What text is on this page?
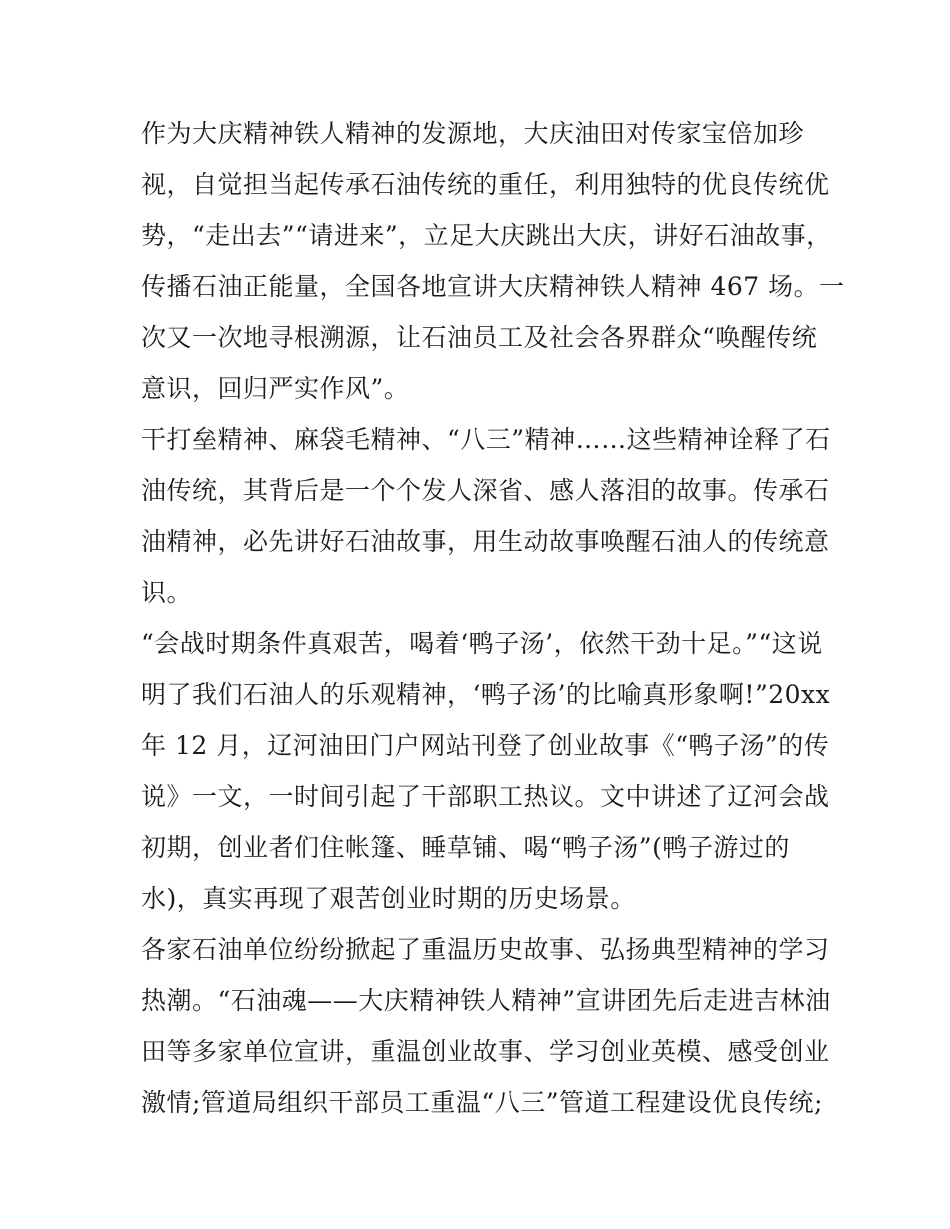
作为大庆精神铁人精神的发源地，大庆油田对传家宝倍加珍
视，自觉担当起传承石油传统的重任，利用独特的优良传统优
势，“走出去”“请进来”，立足大庆跳出大庆，讲好石油故事，
传播石油正能量，全国各地宣讲大庆精神铁人精神 467 场。一
次又一次地寻根溯源，让石油员工及社会各界群众“唤醒传统
意识，回归严实作风”。
干打垒精神、麻袋毛精神、“八三”精神……这些精神诠释了石
油传统，其背后是一个个发人深省、感人落泪的故事。传承石
油精神，必先讲好石油故事，用生动故事唤醒石油人的传统意
识。
“会战时期条件真艰苦，喝着‘鸭子汤’，依然干劲十足。”“这说
明了我们石油人的乐观精神，‘鸭子汤’的比喻真形象啊!”20xx
年 12 月，辽河油田门户网站刊登了创业故事《“鸭子汤”的传
说》一文，一时间引起了干部职工热议。文中讲述了辽河会战
初期，创业者们住帐篷、睡草铺、喝“鸭子汤”(鸭子游过的
水)，真实再现了艰苦创业时期的历史场景。
各家石油单位纷纷掀起了重温历史故事、弘扬典型精神的学习
热潮。“石油魂——大庆精神铁人精神”宣讲团先后走进吉林油
田等多家单位宣讲，重温创业故事、学习创业英模、感受创业
激情;管道局组织干部员工重温“八三”管道工程建设优良传统;
